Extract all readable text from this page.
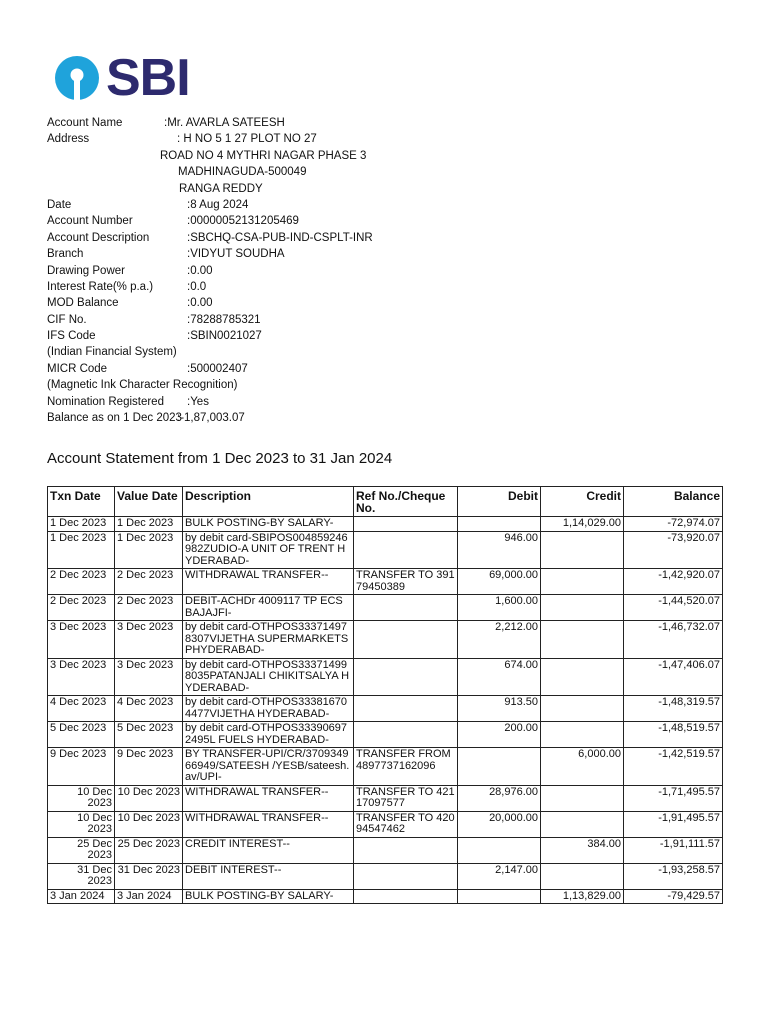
SBI
Account Name	:Mr. AVARLA SATEESH
Address	: H NO 5 1 27 PLOT NO 27
ROAD NO 4 MYTHRI NAGAR PHASE 3
MADHINAGUDA-500049
RANGA REDDY
Date	:8 Aug 2024
Account Number	:00000052131205469
Account Description	:SBCHQ-CSA-PUB-IND-CSPLT-INR
Branch	:VIDYUT SOUDHA
Drawing Power	:0.00
Interest Rate(% p.a.)	:0.0
MOD Balance	:0.00
CIF No.	:78288785321
IFS Code	:SBIN0021027
(Indian Financial System)
MICR Code	:500002407
(Magnetic Ink Character Recognition)
Nomination Registered :Yes
Balance as on 1 Dec 2023
:-1,87,003.07
Account Statement from 1 Dec 2023 to 31 Jan 2024
Txn Date	Value Date	Description	Ref No./Cheque No.	Debit	Credit	Balance
1 Dec 2023	1 Dec 2023	BULK POSTING-BY SALARY-			1,14,029.00	-72,974.07
1 Dec 2023	1 Dec 2023	by debit card-SBIPOS004859246982ZUDIO-A UNIT OF TRENT HYDERABAD-		946.00		-73,920.07
2 Dec 2023	2 Dec 2023	WITHDRAWAL TRANSFER--	TRANSFER TO 39179450389	69,000.00		-1,42,920.07
2 Dec 2023	2 Dec 2023	DEBIT-ACHDr 4009117 TP ECS BAJAJFI-		1,600.00		-1,44,520.07
3 Dec 2023	3 Dec 2023	by debit card-OTHPOS333714978307VIJETHA SUPERMARKETS PHYDERABAD-		2,212.00		-1,46,732.07
3 Dec 2023	3 Dec 2023	by debit card-OTHPOS333714998035PATANJALI CHIKITSALYA HYDERABAD-		674.00		-1,47,406.07
4 Dec 2023	4 Dec 2023	by debit card-OTHPOS333816704477VIJETHA HYDERABAD-		913.50		-1,48,319.57
5 Dec 2023	5 Dec 2023	by debit card-OTHPOS333906972495L FUELS HYDERABAD-		200.00		-1,48,519.57
9 Dec 2023	9 Dec 2023	BY TRANSFER-UPI/CR/370934966949/SATEESH /YESB/sateesh.av/UPI-	TRANSFER FROM 4897737162096		6,000.00	-1,42,519.57
10 Dec 2023	10 Dec 2023	WITHDRAWAL TRANSFER--	TRANSFER TO 42117097577	28,976.00		-1,71,495.57
10 Dec 2023	10 Dec 2023	WITHDRAWAL TRANSFER--	TRANSFER TO 42094547462	20,000.00		-1,91,495.57
25 Dec 2023	25 Dec 2023	CREDIT INTEREST--			384.00	-1,91,111.57
31 Dec 2023	31 Dec 2023	DEBIT INTEREST--		2,147.00		-1,93,258.57
3 Jan 2024	3 Jan 2024	BULK POSTING-BY SALARY-			1,13,829.00	-79,429.57
